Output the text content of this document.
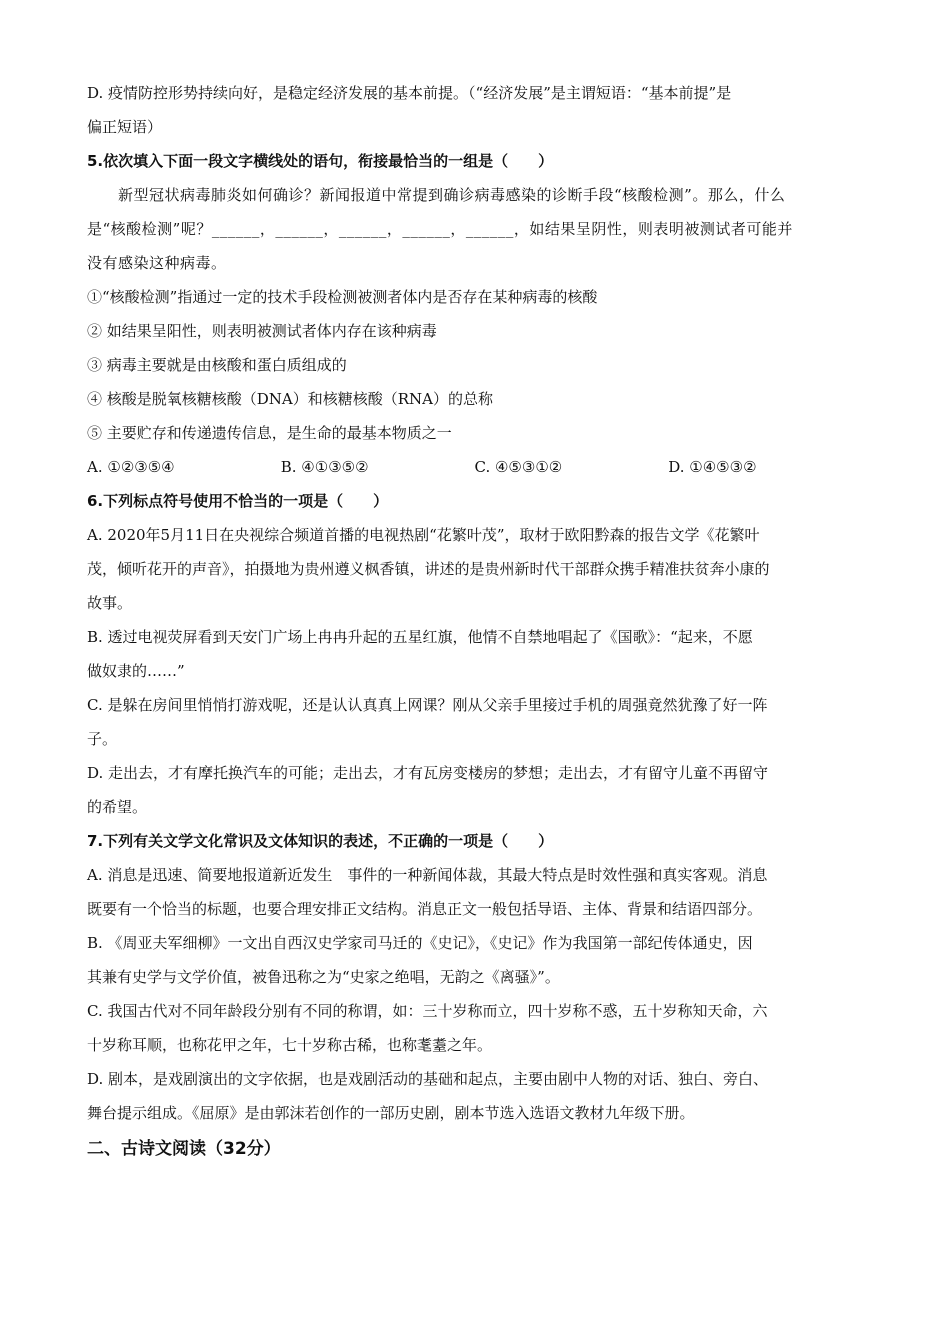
D. 疫情防控形势持续向好，是稳定经济发展的基本前提。（“经济发展”是主谓短语：“基本前提”是

偏正短语）

5.依次填入下面一段文字横线处的语句，衔接最恰当的一组是（　　）

新型冠状病毒肺炎如何确诊？新闻报道中常提到确诊病毒感染的诊断手段“核酸检测”。那么，什么

是“核酸检测”呢？______，______，______，______，______，如结果呈阴性，则表明被测试者可能并

没有感染这种病毒。

①“核酸检测”指通过一定的技术手段检测被测者体内是否存在某种病毒的核酸

② 如结果呈阳性，则表明被测试者体内存在该种病毒

③ 病毒主要就是由核酸和蛋白质组成的

④ 核酸是脱氧核糖核酸（DNA）和核糖核酸（RNA）的总称

⑤ 主要贮存和传递遗传信息，是生命的最基本物质之一

A. ①②③⑤④	B. ④①③⑤②	C. ④⑤③①②	D. ①④⑤③②

6.下列标点符号使用不恰当的一项是（　　）

A. 2020年5月11日在央视综合频道首播的电视热剧“花繁叶茂”，取材于欧阳黔森的报告文学《花繁叶

茂，倾听花开的声音》，拍摄地为贵州遵义枫香镇，讲述的是贵州新时代干部群众携手精准扶贫奔小康的

故事。

B. 透过电视荧屏看到天安门广场上冉冉升起的五星红旗，他情不自禁地唱起了《国歌》：“起来，不愿

做奴隶的……”

C. 是躲在房间里悄悄打游戏呢，还是认认真真上网课？刚从父亲手里接过手机的周强竟然犹豫了好一阵

子。

D. 走出去，才有摩托换汽车的可能；走出去，才有瓦房变楼房的梦想；走出去，才有留守儿童不再留守

的希望。

7.下列有关文学文化常识及文体知识的表述，不正确的一项是（　　）

A. 消息是迅速、简要地报道新近发生　事件的一种新闻体裁，其最大特点是时效性强和真实客观。消息

既要有一个恰当的标题，也要合理安排正文结构。消息正文一般包括导语、主体、背景和结语四部分。

B. 《周亚夫军细柳》一文出自西汉史学家司马迁的《史记》，《史记》作为我国第一部纪传体通史，因

其兼有史学与文学价值，被鲁迅称之为“史家之绝唱，无韵之《离骚》”。

C. 我国古代对不同年龄段分别有不同的称谓，如：三十岁称而立，四十岁称不惑，五十岁称知天命，六

十岁称耳顺，也称花甲之年，七十岁称古稀，也称耄耋之年。

D. 剧本，是戏剧演出的文字依据，也是戏剧活动的基础和起点，主要由剧中人物的对话、独白、旁白、

舞台提示组成。《屈原》是由郭沫若创作的一部历史剧，剧本节选入选语文教材九年级下册。

二、古诗文阅读（32分）
